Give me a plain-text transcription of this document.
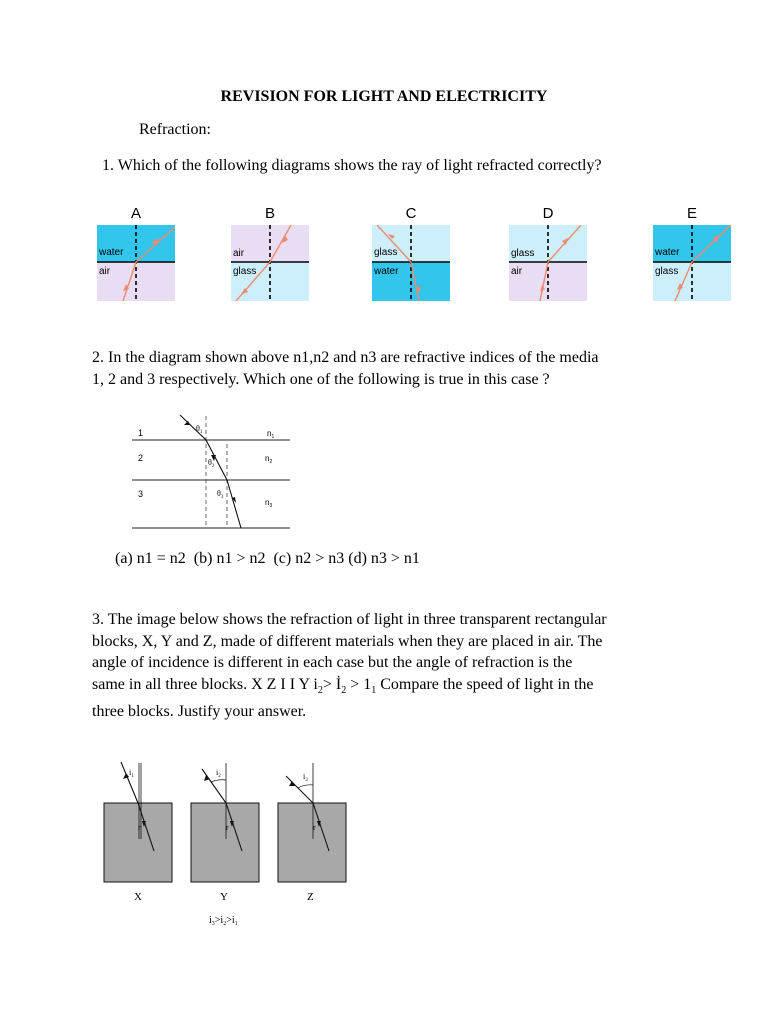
REVISION FOR LIGHT AND ELECTRICITY
Refraction:
1. Which of the following diagrams shows the ray of light refracted correctly?
A
water
air
B
air
glass
C
glass
water
D
glass
air
E
water
glass
2. In the diagram shown above n1,n2 and n3 are refractive indices of the media
1, 2 and 3 respectively. Which one of the following is true in this case ?
1
2
3
$n_1$
$n_2$
$n_3$
$\theta_1$
$\theta_2$
$\theta_3$
(a) n1 = n2  (b) n1 > n2  (c) n2 > n3 (d) n3 > n1
3. The image below shows the refraction of light in three transparent rectangular
blocks, X, Y and Z, made of different materials when they are placed in air. The
angle of incidence is different in each case but the angle of refraction is the
same in all three blocks. X Z I I Y $i_2>$ $İ_2 > 1_1$ Compare the speed of light in the
three blocks. Justify your answer.
$i_1$
r
X
$i_2$
r
Y
$i_3$
r
Z
$i_3>i_2>i_1$
